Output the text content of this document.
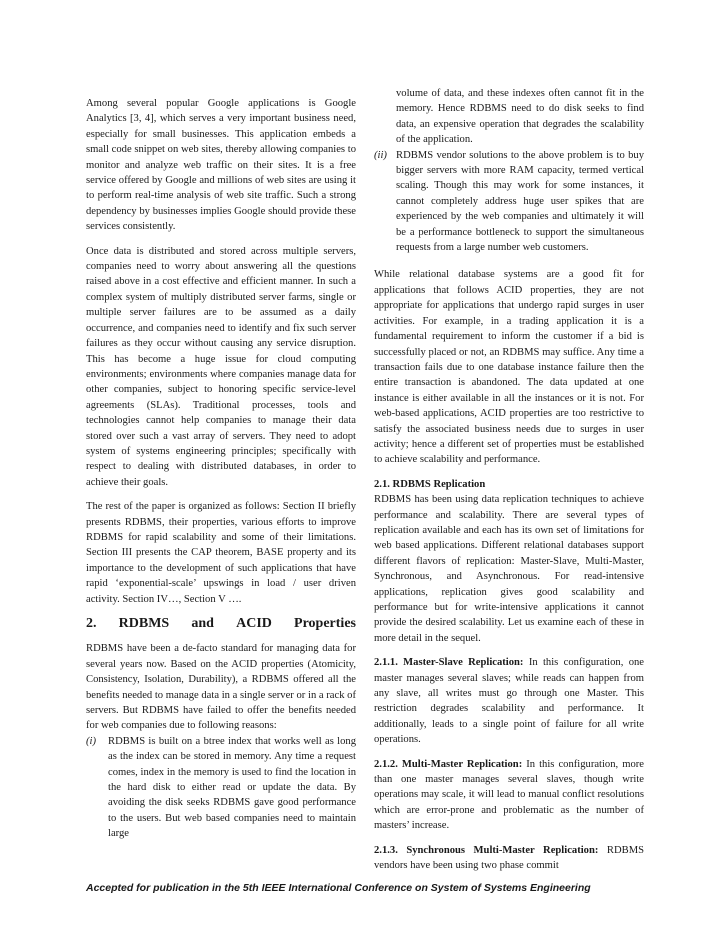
Among several popular Google applications is Google Analytics [3, 4], which serves a very important business need, especially for small businesses. This application embeds a small code snippet on web sites, thereby allowing companies to monitor and analyze web traffic on their sites. It is a free service offered by Google and millions of web sites are using it to perform real-time analysis of web site traffic. Such a strong dependency by businesses implies Google should provide these services consistently.

Once data is distributed and stored across multiple servers, companies need to worry about answering all the questions raised above in a cost effective and efficient manner. In such a complex system of multiply distributed server farms, single or multiple server failures are to be assumed as a daily occurrence, and companies need to identify and fix such server failures as they occur without causing any service disruption. This has become a huge issue for cloud computing environments; environments where companies manage data for other companies, subject to honoring specific service-level agreements (SLAs). Traditional processes, tools and technologies cannot help companies to manage their data stored over such a vast array of servers. They need to adopt system of systems engineering principles; specifically with respect to dealing with distributed databases, in order to achieve their goals.

The rest of the paper is organized as follows: Section II briefly presents RDBMS, their properties, various efforts to improve RDBMS for rapid scalability and some of their limitations. Section III presents the CAP theorem, BASE property and its importance to the development of such applications that have rapid ‘exponential-scale’ upswings in load / user driven activity. Section IV…, Section V ….

2. RDBMS and ACID Properties

RDBMS have been a de-facto standard for managing data for several years now. Based on the ACID properties (Atomicity, Consistency, Isolation, Durability), a RDBMS offered all the benefits needed to manage data in a single server or in a rack of servers. But RDBMS have failed to offer the benefits needed for web companies due to following reasons:

(i)	RDBMS is built on a btree index that works well as long as the index can be stored in memory. Any time a request comes, index in the memory is used to find the location in the hard disk to either read or update the data. By avoiding the disk seeks RDBMS gave good performance to the users. But web based companies need to maintain large
volume of data, and these indexes often cannot fit in the memory. Hence RDBMS need to do disk seeks to find data, an expensive operation that degrades the scalability of the application.
(ii) RDBMS vendor solutions to the above problem is to buy bigger servers with more RAM capacity, termed vertical scaling. Though this may work for some instances, it cannot completely address huge user spikes that are experienced by the web companies and ultimately it will be a performance bottleneck to support the simultaneous requests from a large number web customers.

While relational database systems are a good fit for applications that follows ACID properties, they are not appropriate for applications that undergo rapid surges in user activities. For example, in a trading application it is a fundamental requirement to inform the customer if a bid is successfully placed or not, an RDBMS may suffice. Any time a transaction fails due to one database instance failure then the entire transaction is abandoned. The data updated at one instance is either available in all the instances or it is not. For web-based applications, ACID properties are too restrictive to satisfy the associated business needs due to surges in user activity; hence a different set of properties must be established to achieve scalability and performance.

2.1. RDBMS Replication

RDBMS has been using data replication techniques to achieve performance and scalability. There are several types of replication available and each has its own set of limitations for web based applications. Different relational databases support different flavors of replication: Master-Slave, Multi-Master, Synchronous, and Asynchronous. For read-intensive applications, replication gives good scalability and performance but for write-intensive applications it cannot provide the desired scalability. Let us examine each of these in more detail in the sequel.

2.1.1. Master-Slave Replication: In this configuration, one master manages several slaves; while reads can happen from any slave, all writes must go through one Master. This restriction degrades scalability and performance. It additionally, leads to a single point of failure for all write operations.

2.1.2. Multi-Master Replication: In this configuration, more than one master manages several slaves, though write operations may scale, it will lead to manual conflict resolutions which are error-prone and problematic as the number of masters’ increase.

2.1.3. Synchronous Multi-Master Replication: RDBMS vendors have been using two phase commit

Accepted for publication in the 5th IEEE International Conference on System of Systems Engineering
